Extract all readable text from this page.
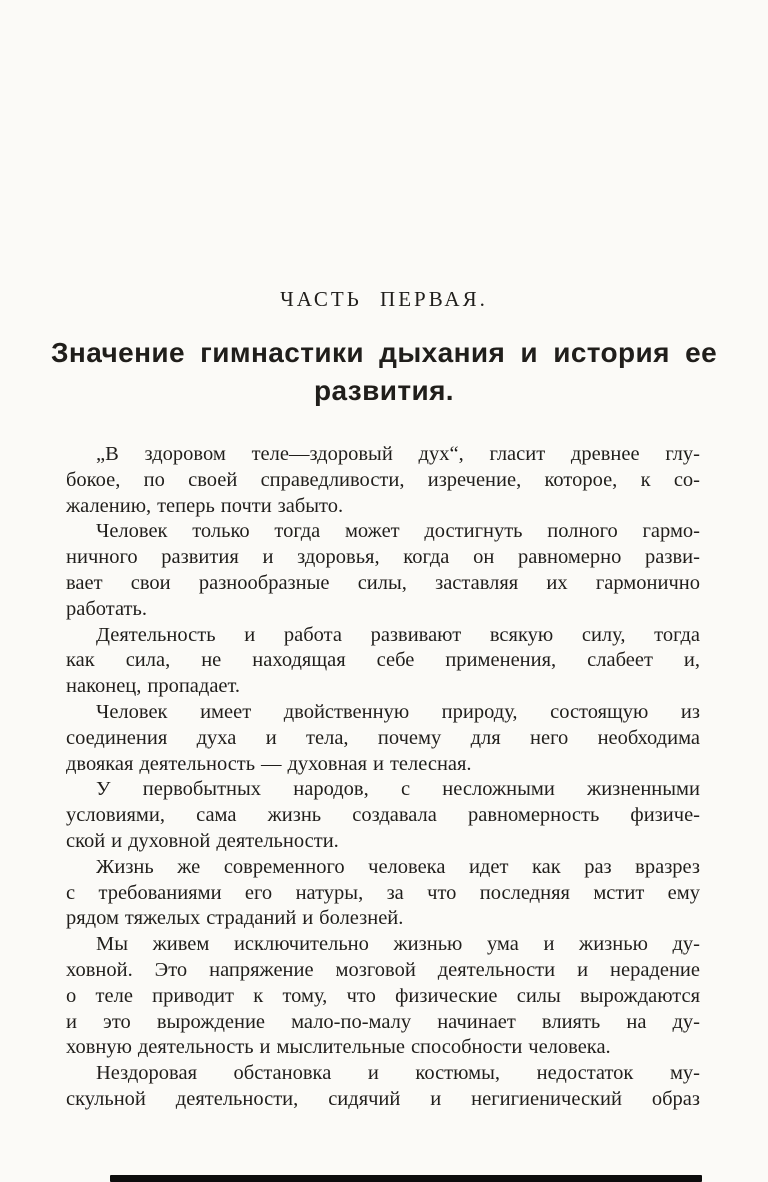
ЧАСТЬ ПЕРВАЯ.
Значение гимнастики дыхания и история ее
развития.

„В здоровом теле—здоровый дух“, гласит древнее глу-
бокое, по своей справедливости, изречение, которое, к со-
жалению, теперь почти забыто.

Человек только тогда может достигнуть полного гармо-
ничного развития и здоровья, когда он равномерно разви-
вает свои разнообразные силы, заставляя их гармонично
работать.

Деятельность и работа развивают всякую силу, тогда
как сила, не находящая себе применения, слабеет и,
наконец, пропадает.

Человек имеет двойственную природу, состоящую из
соединения духа и тела, почему для него необходима
двоякая деятельность — духовная и телесная.

У первобытных народов, с несложными жизненными
условиями, сама жизнь создавала равномерность физиче-
ской и духовной деятельности.

Жизнь же современного человека идет как раз вразрез
с требованиями его натуры, за что последняя мстит ему
рядом тяжелых страданий и болезней.

Мы живем исключительно жизнью ума и жизнью ду-
ховной. Это напряжение мозговой деятельности и нерадение
о теле приводит к тому, что физические силы вырождаются
и это вырождение мало-по-малу начинает влиять на ду-
ховную деятельность и мыслительные способности человека.

Нездоровая обстановка и костюмы, недостаток му-
скульной деятельности, сидячий и негигиенический образ
